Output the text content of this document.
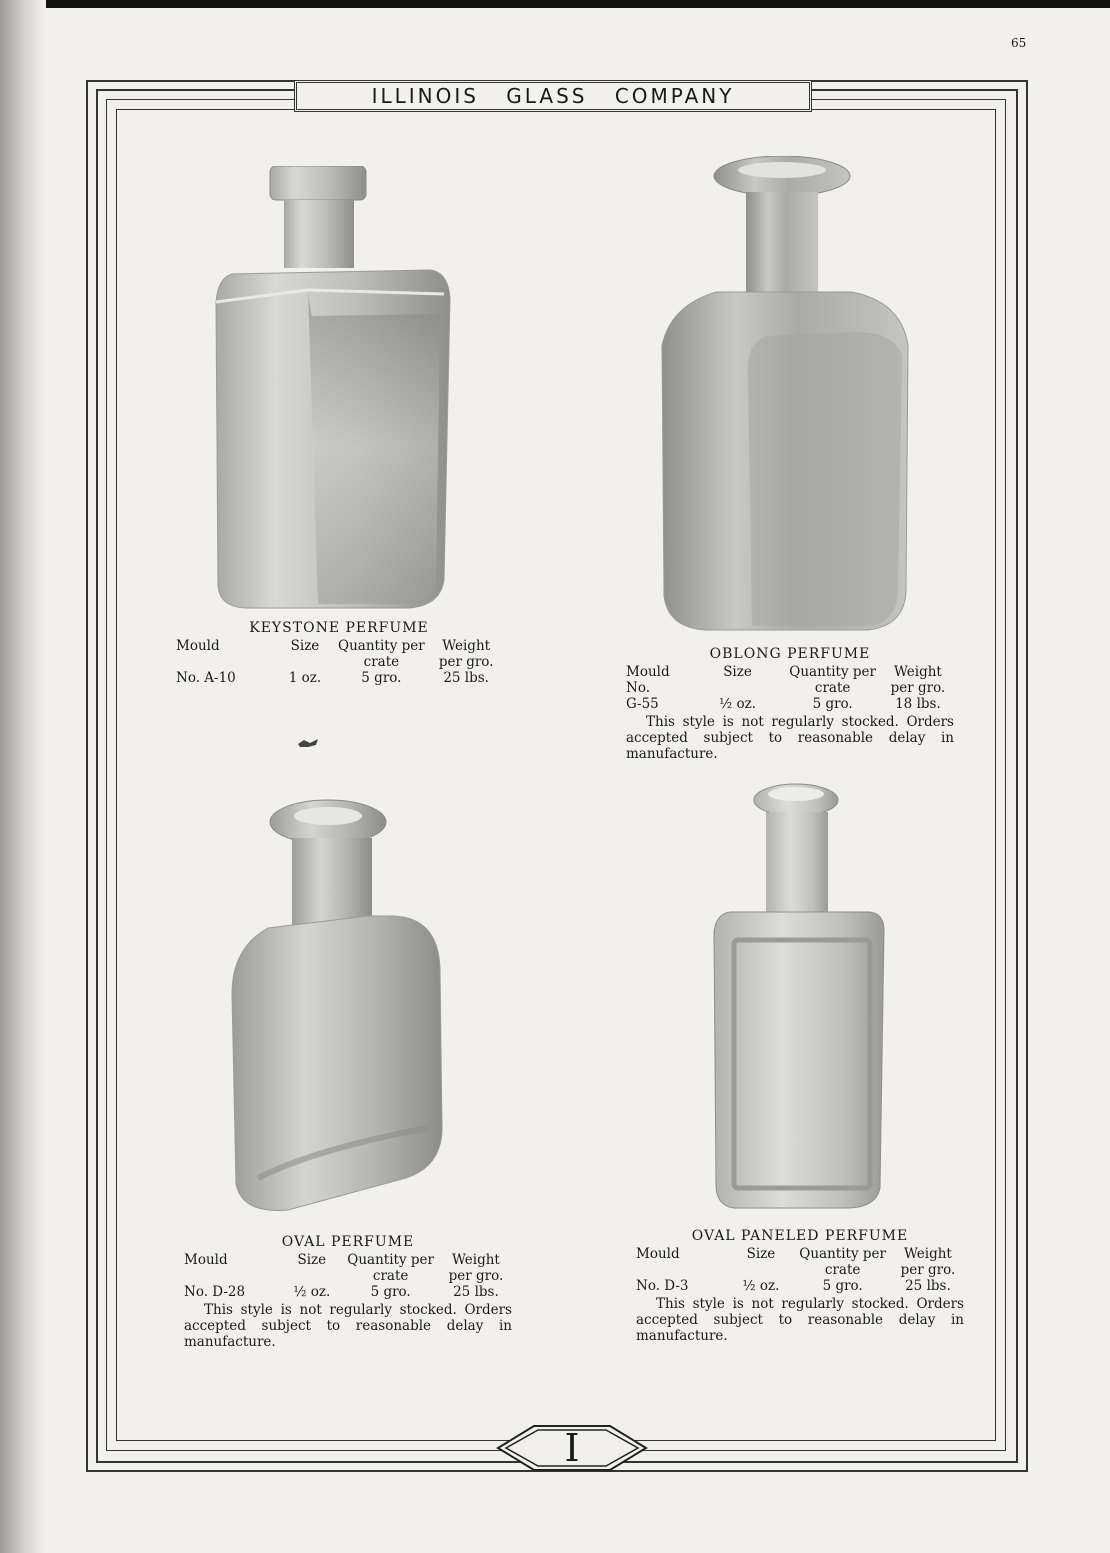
65
ILLINOIS GLASS COMPANY
KEYSTONE PERFUME
Mould	Size	Quantity per crate	Weight per gro.
No. A-10	1 oz.	5 gro.	25 lbs.
OBLONG PERFUME
Mould No.	Size	Quantity per crate	Weight per gro.
G-55	½ oz.	5 gro.	18 lbs.
This style is not regularly stocked. Orders accepted subject to reasonable delay in manufacture.
OVAL PERFUME
Mould	Size	Quantity per crate	Weight per gro.
No. D-28	½ oz.	5 gro.	25 lbs.
This style is not regularly stocked. Orders accepted subject to reasonable delay in manufacture.
OVAL PANELED PERFUME
Mould	Size	Quantity per crate	Weight per gro.
No. D-3	½ oz.	5 gro.	25 lbs.
This style is not regularly stocked. Orders accepted subject to reasonable delay in manufacture.
I
